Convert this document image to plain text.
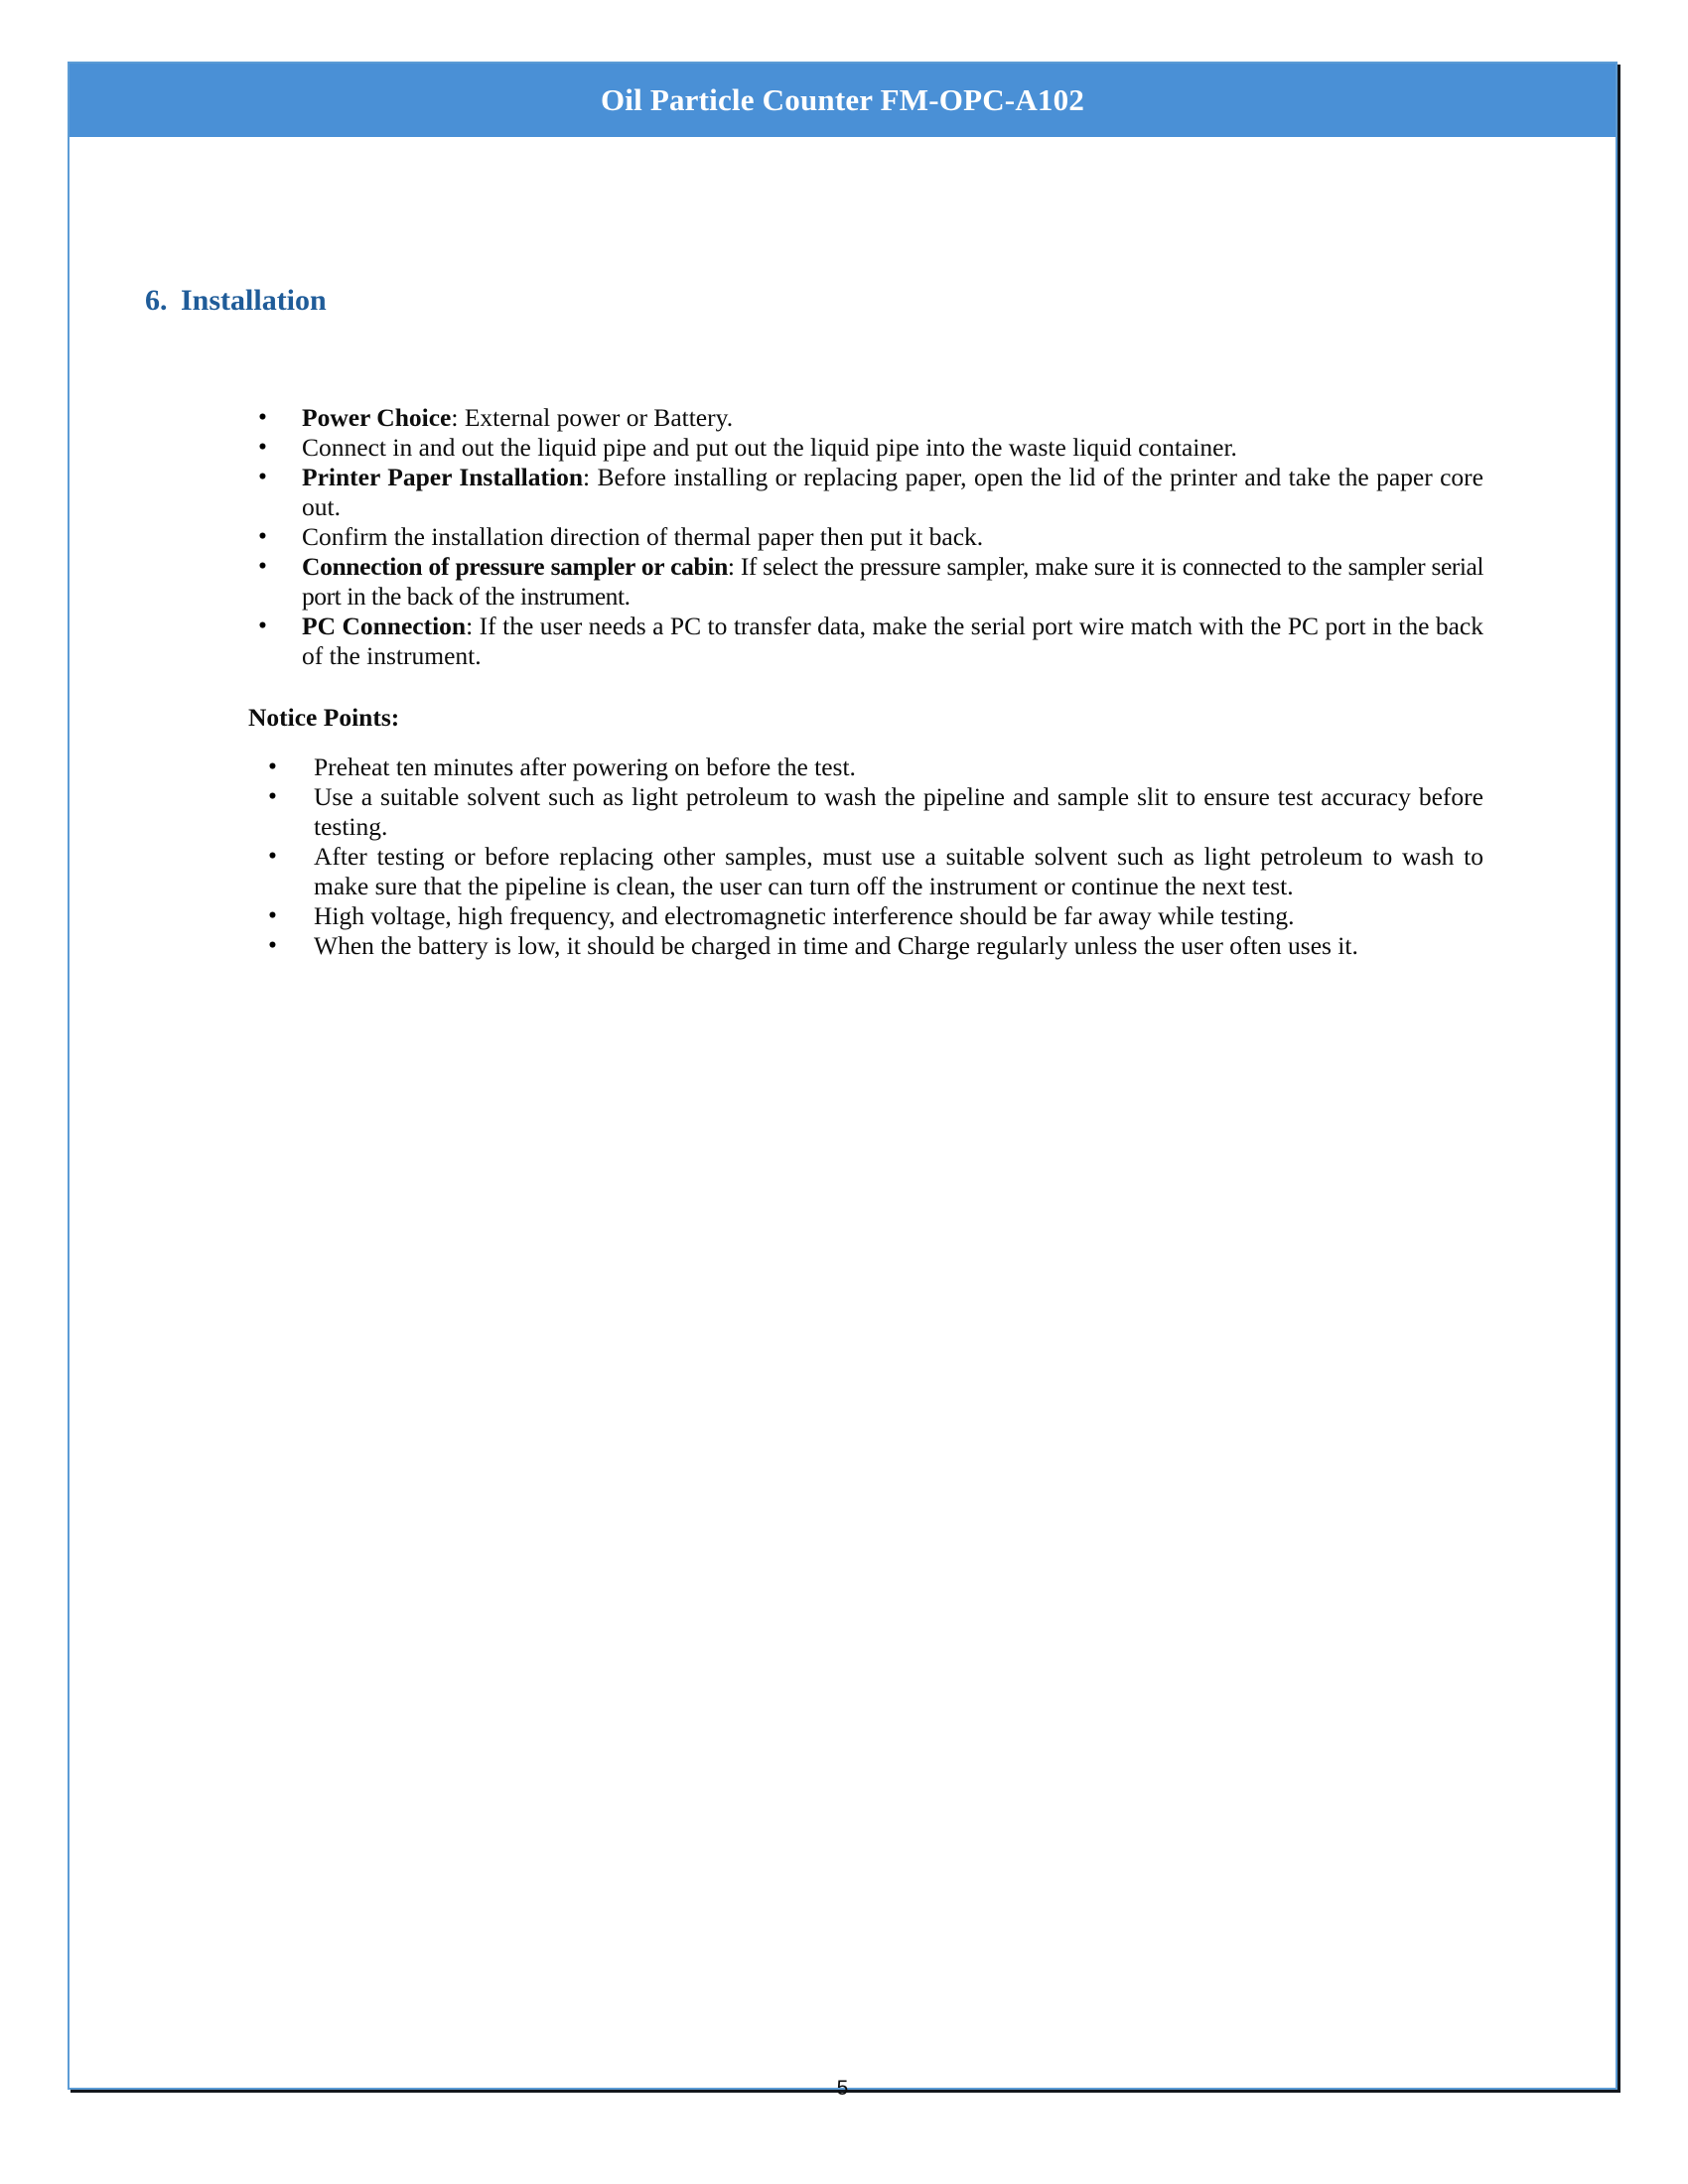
Oil Particle Counter FM-OPC-A102
6. Installation
• Power Choice: External power or Battery.
• Connect in and out the liquid pipe and put out the liquid pipe into the waste liquid container.
• Printer Paper Installation: Before installing or replacing paper, open the lid of the printer and take the paper core out.
• Confirm the installation direction of thermal paper then put it back.
• Connection of pressure sampler or cabin: If select the pressure sampler, make sure it is connected to the sampler serial port in the back of the instrument.
• PC Connection: If the user needs a PC to transfer data, make the serial port wire match with the PC port in the back of the instrument.
Notice Points:
• Preheat ten minutes after powering on before the test.
• Use a suitable solvent such as light petroleum to wash the pipeline and sample slit to ensure test accuracy before testing.
• After testing or before replacing other samples, must use a suitable solvent such as light petroleum to wash to make sure that the pipeline is clean, the user can turn off the instrument or continue the next test.
• High voltage, high frequency, and electromagnetic interference should be far away while testing.
• When the battery is low, it should be charged in time and Charge regularly unless the user often uses it.
5
